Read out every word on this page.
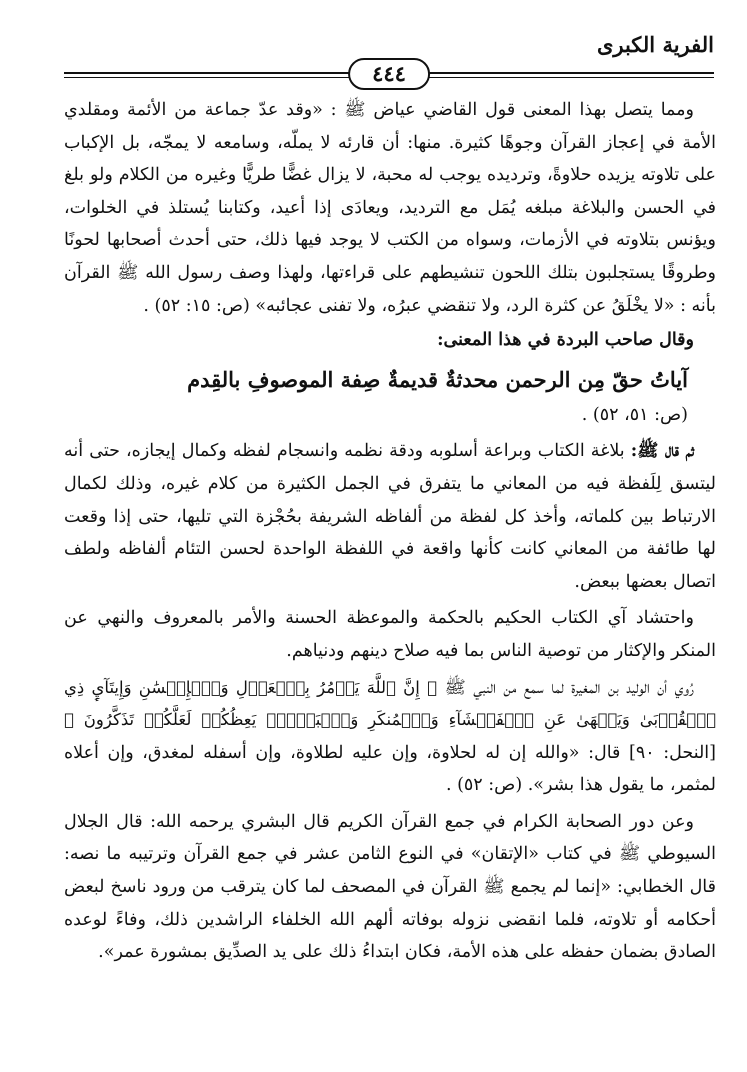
الفرية الكبرى
٤٤٤

ومما يتصل بهذا المعنى قول القاضي عياض ﷺ : «وقد عدّ جماعة من الأئمة ومقلدي الأمة في إعجاز القرآن وجوهًا كثيرة. منها: أن قارئه لا يملّه، وسامعه لا يمجّه، بل الإكباب على تلاوته يزيده حلاوةً، وترديده يوجب له محبة، لا يزال غضًّا طريًّا وغيره من الكلام ولو بلغ في الحسن والبلاغة مبلغه يُمَل مع الترديد، ويعادَى إذا أعيد، وكتابنا يُستلذ في الخلوات، ويؤنس بتلاوته في الأزمات، وسواه من الكتب لا يوجد فيها ذلك، حتى أحدث أصحابها لحونًا وطروقًا يستجلبون بتلك اللحون تنشيطهم على قراءتها، ولهذا وصف رسول الله ﷺ القرآن بأنه : «لا يخْلَقُ عن كثرة الرد، ولا تنقضي عبرُه، ولا تفنى عجائبه» (ص: ١٥: ٥٢) .

وقال صاحب البردة في هذا المعنى:

آياتُ حقّ مِن الرحمن محدثةٌ قديمةٌ صِفة الموصوفِ بالقِدم

(ص: ٥١، ٥٢) .

ثم قال ﷺ: بلاغة الكتاب وبراعة أسلوبه ودقة نظمه وانسجام لفظه وكمال إيجازه، حتى أنه ليتسق لِلَفظة فيه من المعاني ما يتفرق في الجمل الكثيرة من كلام غيره، وذلك لكمال الارتباط بين كلماته، وأخذ كل لفظة من ألفاظه الشريفة بحُجْزة التي تليها، حتى إذا وقعت لها طائفة من المعاني كانت كأنها واقعة في اللفظة الواحدة لحسن التئام ألفاظه ولطف اتصال بعضها ببعض.

واحتشاد آي الكتاب الحكيم بالحكمة والموعظة الحسنة والأمر بالمعروف والنهي عن المنكر والإكثار من توصية الناس بما فيه صلاح دينهم ودنياهم.

رُوي أن الوليد بن المغيرة لما سمع من النبي ﷺ ﴿ إِنَّ ٱللَّهَ يَأۡمُرُ بِٱلۡعَدۡلِ وَٱلۡإِحۡسَٰنِ وَإِيتَآيِٕ ذِي ٱلۡقُرۡبَىٰ وَيَنۡهَىٰ عَنِ ٱلۡفَحۡشَآءِ وَٱلۡمُنكَرِ وَٱلۡبَغۡيِۚ يَعِظُكُمۡ لَعَلَّكُمۡ تَذَكَّرُونَ ﴾ [النحل: ٩٠] قال: «والله إن له لحلاوة، وإن عليه لطلاوة، وإن أسفله لمغدق، وإن أعلاه لمثمر، ما يقول هذا بشر». (ص: ٥٢) .

وعن دور الصحابة الكرام في جمع القرآن الكريم قال البشري يرحمه الله: قال الجلال السيوطي ﷺ في كتاب «الإتقان» في النوع الثامن عشر في جمع القرآن وترتيبه ما نصه: قال الخطابي: «إنما لم يجمع ﷺ القرآن في المصحف لما كان يترقب من ورود ناسخ لبعض أحكامه أو تلاوته، فلما انقضى نزوله بوفاته ألهم الله الخلفاء الراشدين ذلك، وفاءً لوعده الصادق بضمان حفظه على هذه الأمة، فكان ابتداءُ ذلك على يد الصدِّيق بمشورة عمر».
